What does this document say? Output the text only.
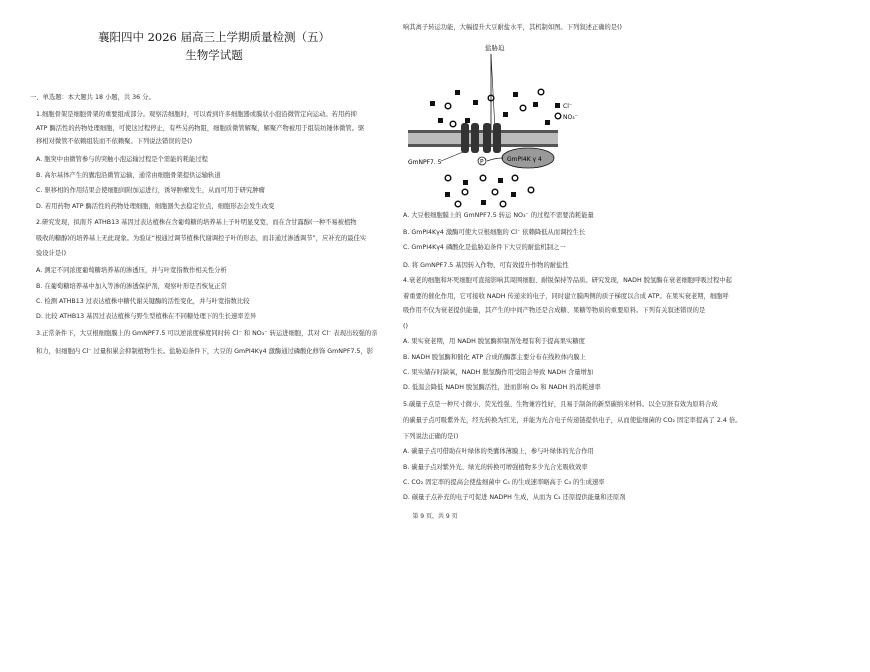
襄阳四中 2026 届高三上学期质量检测（五）
生物学试题
一、单选题：本大题共 18 小题，共 36 分。
1.细胞骨架是细胞骨架的重要组成部分。观察活细胞时，可以看到许多细胞器或膜状小泡沿微管定向运动。若用药抑
ATP 酶活性的药物处理细胞，可使这过程停止，有些另药物阻，细胞质微管解聚，解聚产物被用于组装纺锤体微管。驱
移相对微管不依赖组装而不依赖聚。下列说法错误的是()
A. 胞突中由微管参与的突触小泡运输过程是个需能的耗能过程
B. 高尔基体产生的囊泡沿微管运输，通常由细胞骨架提供运输轨道
C. 驱移相的作用结果会使细胞间附加运进行，诱导肿瘤发生，从而可用于研究肿瘤
D. 若用药物 ATP 酶活性的药物处理细胞，细胞器失去稳定位点，细胞形态会发生改变
2.研究发现，拟南芥 ATHB13 基因过表达植株在含葡萄糖的培养基上子叶明显变宽，而在含甘露醇(一种不易被植物
吸收的糖醇)的培养基上无此现象。为验证“根通过调节植株代谢调控子叶的形态，而非通过渗透调节”，应补充的最佳实
验设计是()
A. 测定不同浓度葡萄糖培养基的渗透压，并与叶宽指数作相关性分析
B. 在葡萄糖培养基中加入等渗的渗透保护剂，观察叶形是否恢复正常
C. 检测 ATHB13 过表达植株中糖代谢关键酶的活性变化，并与叶宽指数比较
D. 比较 ATHB13 基因过表达植株与野生型植株在不同糖处理下的生长速率差异
3.正常条件下，大豆根细胞膜上的 GmNPF7.5 可以逆浓度梯度同时转 Cl⁻ 和 NO₃⁻ 转运进细胞，其对 Cl⁻ 表现出较强的亲
和力，但细胞内 Cl⁻ 过量积累会抑制植物生长。盐胁迫条件下，大豆的 GmPI4Kγ4 激酶通过磷酸化修饰 GmNPF7.5，影
响其离子转运功能，大幅提升大豆耐盐水平，其机制如图。下列叙述正确的是()
A. 大豆根细胞膜上的 GmNPF7.5 转运 NO₃⁻ 的过程不需要消耗能量
B. GmPI4Kγ4 激酶可使大豆根细胞的 Cl⁻ 依赖降低从而调控生长
C. GmPI4Kγ4 磷酸化是盐胁迫条件下大豆的耐盐机制之一
D. 将 GmNPF7.5 基因转入作物，可有效提升作物的耐盐性
4.衰老的细胞和坏死细胞可直接影响其周围细胞、耐锐保持等品质。研究发现，NADH 脱氢酶在衰老细胞呼吸过程中起
着重要的催化作用，它可接收 NADH 传递来的电子，同时建立膜两侧的质子梯度以合成 ATP。在果实衰老期，细胞呼
吸作用不仅为衰老提供能量，其产生的中间产物还是合成糖、果糖等物质的重要原料。下列有关叙述错误的是
()
A. 果实衰老期，用 NADH 脱氢酶抑制剂处理有利于提高果实糖度
B. NADH 脱氢酶和催化 ATP 合成的酶都主要分布在线粒体内膜上
C. 果实储存时缺氧，NADH 脱氢酶作用受阻会导致 NADH 含量增加
D. 低温会降低 NADH 脱氢酶活性，进而影响 O₂ 和 NADH 的消耗速率
5.碳量子点是一种尺寸微小、荧光性强、生物兼容性好，且易于制备的新型碳纳米材料。以全豆胚有效为原料合成
的碳量子点可吸紫外光，经光转换为红光，并能为光合电子传递链提供电子，从而使盐细菌的 CO₂ 固定率提高了 2.4 倍。
下列说法正确的是()
A. 碳量子点可借助在叶绿体的类囊体薄膜上，参与叶绿体的光合作用
B. 碳量子点对紫外光、绿光的转换可增强植物多少光合光吸收效率
C. CO₂ 固定率的提高会使盐细菌中 C₅ 的生成速率略高于 C₃ 的生成速率
D. 碳量子点补充的电子可促进 NADPH 生成，从而为 C₃ 还原提供能量和还原剂
盐胁迫
Cl⁻
NO₃⁻
GmNPF7. 5	P	GmPI4K γ 4
第 9 页，共 9 页
